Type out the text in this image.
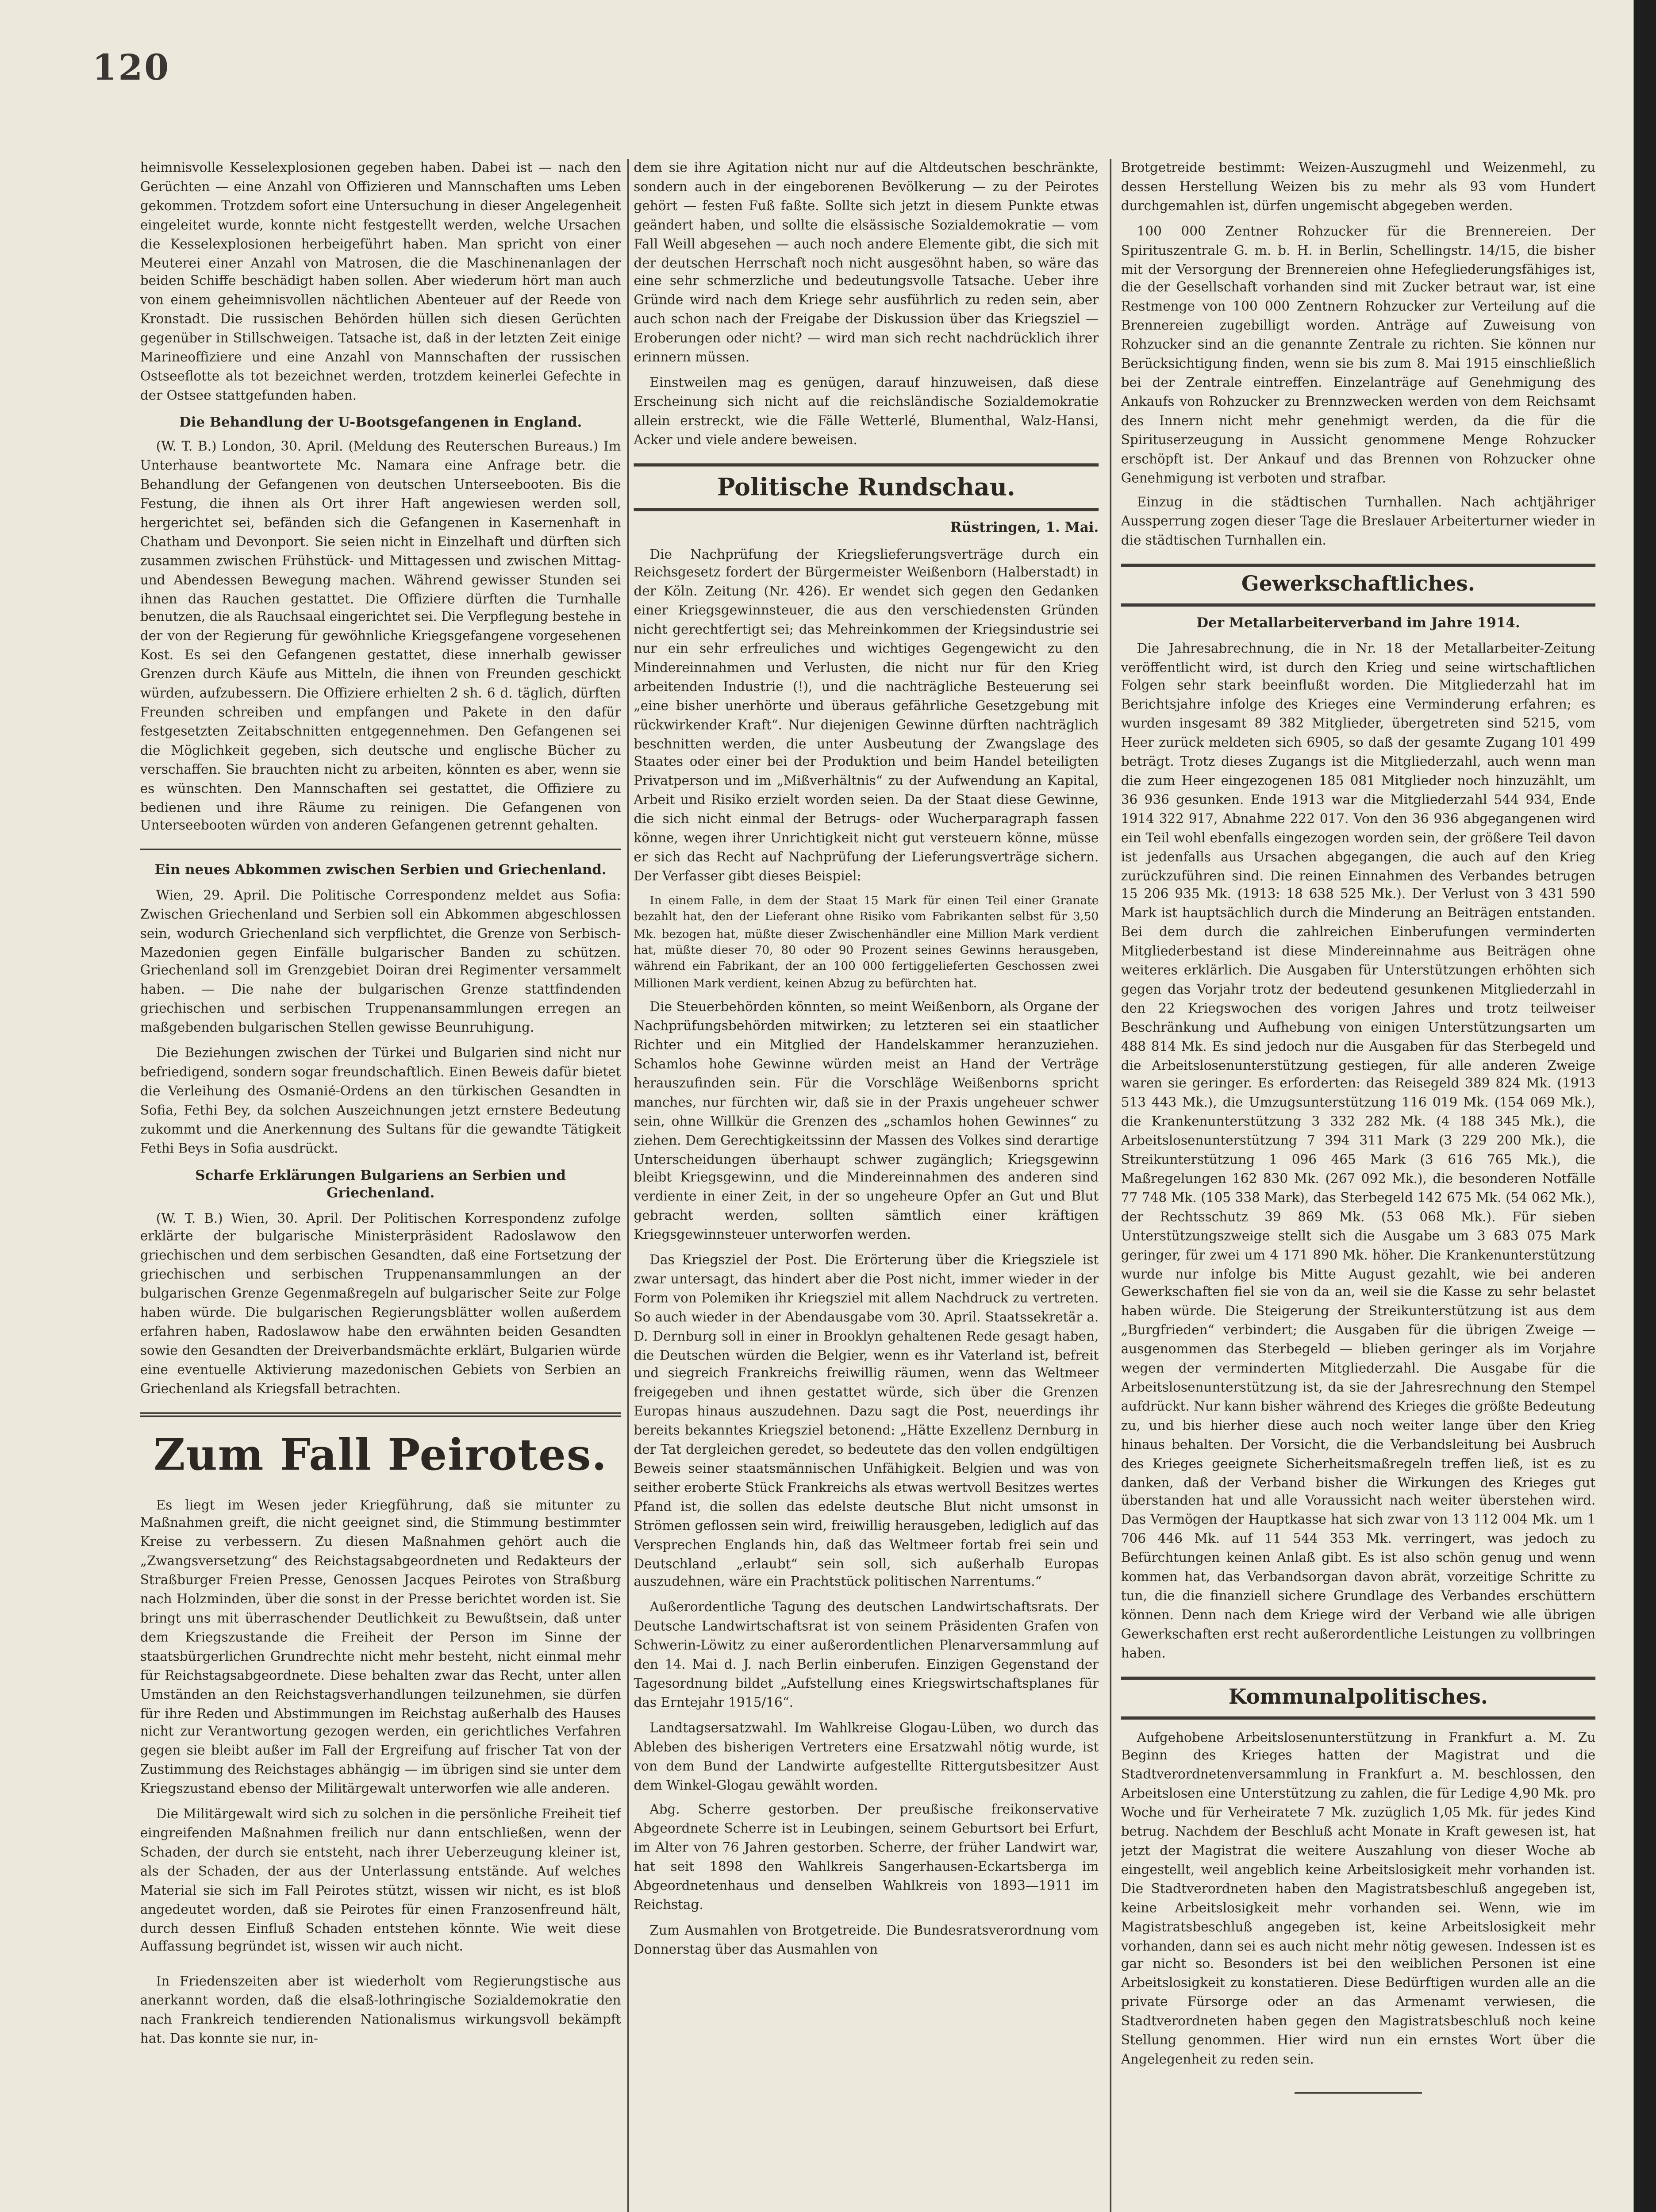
120

heimnisvolle Kesselexplosionen gegeben haben. Dabei ist — nach den Gerüchten — eine Anzahl von Offizieren und Mannschaften ums Leben gekommen. Trotzdem sofort eine Untersuchung in dieser Angelegenheit eingeleitet wurde, konnte nicht festgestellt werden, welche Ursachen die Kesselexplosionen herbeigeführt haben. Man spricht von einer Meuterei einer Anzahl von Matrosen, die die Maschinenanlagen der beiden Schiffe beschädigt haben sollen. Aber wiederum hört man auch von einem geheimnisvollen nächtlichen Abenteuer auf der Reede von Kronstadt. Die russischen Behörden hüllen sich diesen Gerüchten gegenüber in Stillschweigen. Tatsache ist, daß in der letzten Zeit einige Marineoffiziere und eine Anzahl von Mannschaften der russischen Ostseeflotte als tot bezeichnet werden, trotzdem keinerlei Gefechte in der Ostsee stattgefunden haben.

Die Behandlung der U-Bootsgefangenen in England.

(W. T. B.) London, 30. April. (Meldung des Reuterschen Bureaus.) Im Unterhause beantwortete Mc. Namara eine Anfrage betr. die Behandlung der Gefangenen von deutschen Unterseebooten. Bis die Festung, die ihnen als Ort ihrer Haft angewiesen werden soll, hergerichtet sei, befänden sich die Gefangenen in Kasernenhaft in Chatham und Devonport. Sie seien nicht in Einzelhaft und dürften sich zusammen zwischen Frühstück- und Mittagessen und zwischen Mittag- und Abendessen Bewegung machen. Während gewisser Stunden sei ihnen das Rauchen gestattet. Die Offiziere dürften die Turnhalle benutzen, die als Rauchsaal eingerichtet sei. Die Verpflegung bestehe in der von der Regierung für gewöhnliche Kriegsgefangene vorgesehenen Kost. Es sei den Gefangenen gestattet, diese innerhalb gewisser Grenzen durch Käufe aus Mitteln, die ihnen von Freunden geschickt würden, aufzubessern. Die Offiziere erhielten 2 sh. 6 d. täglich, dürften Freunden schreiben und empfangen und Pakete in den dafür festgesetzten Zeitabschnitten entgegennehmen. Den Gefangenen sei die Möglichkeit gegeben, sich deutsche und englische Bücher zu verschaffen. Sie brauchten nicht zu arbeiten, könnten es aber, wenn sie es wünschten. Den Mannschaften sei gestattet, die Offiziere zu bedienen und ihre Räume zu reinigen. Die Gefangenen von Unterseebooten würden von anderen Gefangenen getrennt gehalten.

Ein neues Abkommen zwischen Serbien und Griechenland.

Wien, 29. April. Die Politische Correspondenz meldet aus Sofia: Zwischen Griechenland und Serbien soll ein Abkommen abgeschlossen sein, wodurch Griechenland sich verpflichtet, die Grenze von Serbisch-Mazedonien gegen Einfälle bulgarischer Banden zu schützen. Griechenland soll im Grenzgebiet Doiran drei Regimenter versammelt haben. — Die nahe der bulgarischen Grenze stattfindenden griechischen und serbischen Truppenansammlungen erregen an maßgebenden bulgarischen Stellen gewisse Beunruhigung.

Die Beziehungen zwischen der Türkei und Bulgarien sind nicht nur befriedigend, sondern sogar freundschaftlich. Einen Beweis dafür bietet die Verleihung des Osmanié-Ordens an den türkischen Gesandten in Sofia, Fethi Bey, da solchen Auszeichnungen jetzt ernstere Bedeutung zukommt und die Anerkennung des Sultans für die gewandte Tätigkeit Fethi Beys in Sofia ausdrückt.

Scharfe Erklärungen Bulgariens an Serbien und Griechenland.

(W. T. B.) Wien, 30. April. Der Politischen Korrespondenz zufolge erklärte der bulgarische Ministerpräsident Radoslawow den griechischen und dem serbischen Gesandten, daß eine Fortsetzung der griechischen und serbischen Truppenansammlungen an der bulgarischen Grenze Gegenmaßregeln auf bulgarischer Seite zur Folge haben würde. Die bulgarischen Regierungsblätter wollen außerdem erfahren haben, Radoslawow habe den erwähnten beiden Gesandten sowie den Gesandten der Dreiverbandsmächte erklärt, Bulgarien würde eine eventuelle Aktivierung mazedonischen Gebiets von Serbien an Griechenland als Kriegsfall betrachten.

Zum Fall Peirotes.

Es liegt im Wesen jeder Kriegführung, daß sie mitunter zu Maßnahmen greift, die nicht geeignet sind, die Stimmung bestimmter Kreise zu verbessern. Zu diesen Maßnahmen gehört auch die „Zwangsversetzung“ des Reichstagsabgeordneten und Redakteurs der Straßburger Freien Presse, Genossen Jacques Peirotes von Straßburg nach Holzminden, über die sonst in der Presse berichtet worden ist. Sie bringt uns mit überraschender Deutlichkeit zu Bewußtsein, daß unter dem Kriegszustande die Freiheit der Person im Sinne der staatsbürgerlichen Grundrechte nicht mehr besteht, nicht einmal mehr für Reichstagsabgeordnete. Diese behalten zwar das Recht, unter allen Umständen an den Reichstagsverhandlungen teilzunehmen, sie dürfen für ihre Reden und Abstimmungen im Reichstag außerhalb des Hauses nicht zur Verantwortung gezogen werden, ein gerichtliches Verfahren gegen sie bleibt außer im Fall der Ergreifung auf frischer Tat von der Zustimmung des Reichstages abhängig — im übrigen sind sie unter dem Kriegszustand ebenso der Militärgewalt unterworfen wie alle anderen.

Die Militärgewalt wird sich zu solchen in die persönliche Freiheit tief eingreifenden Maßnahmen freilich nur dann entschließen, wenn der Schaden, der durch sie entsteht, nach ihrer Ueberzeugung kleiner ist, als der Schaden, der aus der Unterlassung entstände. Auf welches Material sie sich im Fall Peirotes stützt, wissen wir nicht, es ist bloß angedeutet worden, daß sie Peirotes für einen Franzosenfreund hält, durch dessen Einfluß Schaden entstehen könnte. Wie weit diese Auffassung begründet ist, wissen wir auch nicht.

In Friedenszeiten aber ist wiederholt vom Regierungstische aus anerkannt worden, daß die elsaß-lothringische Sozialdemokratie den nach Frankreich tendierenden Nationalismus wirkungsvoll bekämpft hat. Das konnte sie nur, in-

dem sie ihre Agitation nicht nur auf die Altdeutschen beschränkte, sondern auch in der eingeborenen Bevölkerung — zu der Peirotes gehört — festen Fuß faßte. Sollte sich jetzt in diesem Punkte etwas geändert haben, und sollte die elsässische Sozialdemokratie — vom Fall Weill abgesehen — auch noch andere Elemente gibt, die sich mit der deutschen Herrschaft noch nicht ausgesöhnt haben, so wäre das eine sehr schmerzliche und bedeutungsvolle Tatsache. Ueber ihre Gründe wird nach dem Kriege sehr ausführlich zu reden sein, aber auch schon nach der Freigabe der Diskussion über das Kriegsziel — Eroberungen oder nicht? — wird man sich recht nachdrücklich ihrer erinnern müssen.

Einstweilen mag es genügen, darauf hinzuweisen, daß diese Erscheinung sich nicht auf die reichsländische Sozialdemokratie allein erstreckt, wie die Fälle Wetterlé, Blumenthal, Walz-Hansi, Acker und viele andere beweisen.

Politische Rundschau.
Rüstringen, 1. Mai.

Die Nachprüfung der Kriegslieferungsverträge durch ein Reichsgesetz fordert der Bürgermeister Weißenborn (Halberstadt) in der Köln. Zeitung (Nr. 426). Er wendet sich gegen den Gedanken einer Kriegsgewinnsteuer, die aus den verschiedensten Gründen nicht gerechtfertigt sei; das Mehreinkommen der Kriegsindustrie sei nur ein sehr erfreuliches und wichtiges Gegengewicht zu den Mindereinnahmen und Verlusten, die nicht nur für den Krieg arbeitenden Industrie (!), und die nachträgliche Besteuerung sei „eine bisher unerhörte und überaus gefährliche Gesetzgebung mit rückwirkender Kraft“. Nur diejenigen Gewinne dürften nachträglich beschnitten werden, die unter Ausbeutung der Zwangslage des Staates oder einer bei der Produktion und beim Handel beteiligten Privatperson und im „Mißverhältnis“ zu der Aufwendung an Kapital, Arbeit und Risiko erzielt worden seien. Da der Staat diese Gewinne, die sich nicht einmal der Betrugs- oder Wucherparagraph fassen könne, wegen ihrer Unrichtigkeit nicht gut versteuern könne, müsse er sich das Recht auf Nachprüfung der Lieferungsverträge sichern. Der Verfasser gibt dieses Beispiel:

In einem Falle, in dem der Staat 15 Mark für einen Teil einer Granate bezahlt hat, den der Lieferant ohne Risiko vom Fabrikanten selbst für 3,50 Mk. bezogen hat, müßte dieser Zwischenhändler eine Million Mark verdient hat, müßte dieser 70, 80 oder 90 Prozent seines Gewinns herausgeben, während ein Fabrikant, der an 100 000 fertiggelieferten Geschossen zwei Millionen Mark verdient, keinen Abzug zu befürchten hat.

Die Steuerbehörden könnten, so meint Weißenborn, als Organe der Nachprüfungsbehörden mitwirken; zu letzteren sei ein staatlicher Richter und ein Mitglied der Handelskammer heranzuziehen. Schamlos hohe Gewinne würden meist an Hand der Verträge herauszufinden sein. Für die Vorschläge Weißenborns spricht manches, nur fürchten wir, daß sie in der Praxis ungeheuer schwer sein, ohne Willkür die Grenzen des „schamlos hohen Gewinnes“ zu ziehen. Dem Gerechtigkeitssinn der Massen des Volkes sind derartige Unterscheidungen überhaupt schwer zugänglich; Kriegsgewinn bleibt Kriegsgewinn, und die Mindereinnahmen des anderen sind verdiente in einer Zeit, in der so ungeheure Opfer an Gut und Blut gebracht werden, sollten sämtlich einer kräftigen Kriegsgewinnsteuer unterworfen werden.

Das Kriegsziel der Post. Die Erörterung über die Kriegsziele ist zwar untersagt, das hindert aber die Post nicht, immer wieder in der Form von Polemiken ihr Kriegsziel mit allem Nachdruck zu vertreten. So auch wieder in der Abendausgabe vom 30. April. Staatssekretär a. D. Dernburg soll in einer in Brooklyn gehaltenen Rede gesagt haben, die Deutschen würden die Belgier, wenn es ihr Vaterland ist, befreit und siegreich Frankreichs freiwillig räumen, wenn das Weltmeer freigegeben und ihnen gestattet würde, sich über die Grenzen Europas hinaus auszudehnen. Dazu sagt die Post, neuerdings ihr bereits bekanntes Kriegsziel betonend: „Hätte Exzellenz Dernburg in der Tat dergleichen geredet, so bedeutete das den vollen endgültigen Beweis seiner staatsmännischen Unfähigkeit. Belgien und was von seither eroberte Stück Frankreichs als etwas wertvoll Besitzes wertes Pfand ist, die sollen das edelste deutsche Blut nicht umsonst in Strömen geflossen sein wird, freiwillig herausgeben, lediglich auf das Versprechen Englands hin, daß das Weltmeer fortab frei sein und Deutschland „erlaubt“ sein soll, sich außerhalb Europas auszudehnen, wäre ein Prachtstück politischen Narrentums.“

Außerordentliche Tagung des deutschen Landwirtschaftsrats. Der Deutsche Landwirtschaftsrat ist von seinem Präsidenten Grafen von Schwerin-Löwitz zu einer außerordentlichen Plenarversammlung auf den 14. Mai d. J. nach Berlin einberufen. Einzigen Gegenstand der Tagesordnung bildet „Aufstellung eines Kriegswirtschaftsplanes für das Erntejahr 1915/16“.

Landtagsersatzwahl. Im Wahlkreise Glogau-Lüben, wo durch das Ableben des bisherigen Vertreters eine Ersatzwahl nötig wurde, ist von dem Bund der Landwirte aufgestellte Rittergutsbesitzer Aust dem Winkel-Glogau gewählt worden.

Abg. Scherre gestorben. Der preußische freikonservative Abgeordnete Scherre ist in Leubingen, seinem Geburtsort bei Erfurt, im Alter von 76 Jahren gestorben. Scherre, der früher Landwirt war, hat seit 1898 den Wahlkreis Sangerhausen-Eckartsberga im Abgeordnetenhaus und denselben Wahlkreis von 1893—1911 im Reichstag.

Zum Ausmahlen von Brotgetreide. Die Bundesratsverordnung vom Donnerstag über das Ausmahlen von

Brotgetreide bestimmt: Weizen-Auszugmehl und Weizenmehl, zu dessen Herstellung Weizen bis zu mehr als 93 vom Hundert durchgemahlen ist, dürfen ungemischt abgegeben werden.

100 000 Zentner Rohzucker für die Brennereien. Der Spirituszentrale G. m. b. H. in Berlin, Schellingstr. 14/15, die bisher mit der Versorgung der Brennereien ohne Hefegliederungsfähiges ist, die der Gesellschaft vorhanden sind mit Zucker betraut war, ist eine Restmenge von 100 000 Zentnern Rohzucker zur Verteilung auf die Brennereien zugebilligt worden. Anträge auf Zuweisung von Rohzucker sind an die genannte Zentrale zu richten. Sie können nur Berücksichtigung finden, wenn sie bis zum 8. Mai 1915 einschließlich bei der Zentrale eintreffen. Einzelanträge auf Genehmigung des Ankaufs von Rohzucker zu Brennzwecken werden von dem Reichsamt des Innern nicht mehr genehmigt werden, da die für die Spirituserzeugung in Aussicht genommene Menge Rohzucker erschöpft ist. Der Ankauf und das Brennen von Rohzucker ohne Genehmigung ist verboten und strafbar.

Einzug in die städtischen Turnhallen. Nach achtjähriger Aussperrung zogen dieser Tage die Breslauer Arbeiterturner wieder in die städtischen Turnhallen ein.

Gewerkschaftliches.
Der Metallarbeiterverband im Jahre 1914.

Die Jahresabrechnung, die in Nr. 18 der Metallarbeiter-Zeitung veröffentlicht wird, ist durch den Krieg und seine wirtschaftlichen Folgen sehr stark beeinflußt worden. Die Mitgliederzahl hat im Berichtsjahre infolge des Krieges eine Verminderung erfahren; es wurden insgesamt 89 382 Mitglieder, übergetreten sind 5215, vom Heer zurück meldeten sich 6905, so daß der gesamte Zugang 101 499 beträgt. Trotz dieses Zugangs ist die Mitgliederzahl, auch wenn man die zum Heer eingezogenen 185 081 Mitglieder noch hinzuzählt, um 36 936 gesunken. Ende 1913 war die Mitgliederzahl 544 934, Ende 1914 322 917, Abnahme 222 017. Von den 36 936 abgegangenen wird ein Teil wohl ebenfalls eingezogen worden sein, der größere Teil davon ist jedenfalls aus Ursachen abgegangen, die auch auf den Krieg zurückzuführen sind. Die reinen Einnahmen des Verbandes betrugen 15 206 935 Mk. (1913: 18 638 525 Mk.). Der Verlust von 3 431 590 Mark ist hauptsächlich durch die Minderung an Beiträgen entstanden. Bei dem durch die zahlreichen Einberufungen verminderten Mitgliederbestand ist diese Mindereinnahme aus Beiträgen ohne weiteres erklärlich. Die Ausgaben für Unterstützungen erhöhten sich gegen das Vorjahr trotz der bedeutend gesunkenen Mitgliederzahl in den 22 Kriegswochen des vorigen Jahres und trotz teilweiser Beschränkung und Aufhebung von einigen Unterstützungsarten um 488 814 Mk. Es sind jedoch nur die Ausgaben für das Sterbegeld und die Arbeitslosenunterstützung gestiegen, für alle anderen Zweige waren sie geringer. Es erforderten: das Reisegeld 389 824 Mk. (1913 513 443 Mk.), die Umzugsunterstützung 116 019 Mk. (154 069 Mk.), die Krankenunterstützung 3 332 282 Mk. (4 188 345 Mk.), die Arbeitslosenunterstützung 7 394 311 Mark (3 229 200 Mk.), die Streikunterstützung 1 096 465 Mark (3 616 765 Mk.), die Maßregelungen 162 830 Mk. (267 092 Mk.), die besonderen Notfälle 77 748 Mk. (105 338 Mark), das Sterbegeld 142 675 Mk. (54 062 Mk.), der Rechtsschutz 39 869 Mk. (53 068 Mk.). Für sieben Unterstützungszweige stellt sich die Ausgabe um 3 683 075 Mark geringer, für zwei um 4 171 890 Mk. höher. Die Krankenunterstützung wurde nur infolge bis Mitte August gezahlt, wie bei anderen Gewerkschaften fiel sie von da an, weil sie die Kasse zu sehr belastet haben würde. Die Steigerung der Streikunterstützung ist aus dem „Burgfrieden“ verbindert; die Ausgaben für die übrigen Zweige — ausgenommen das Sterbegeld — blieben geringer als im Vorjahre wegen der verminderten Mitgliederzahl. Die Ausgabe für die Arbeitslosenunterstützung ist, da sie der Jahresrechnung den Stempel aufdrückt. Nur kann bisher während des Krieges die größte Bedeutung zu, und bis hierher diese auch noch weiter lange über den Krieg hinaus behalten. Der Vorsicht, die die Verbandsleitung bei Ausbruch des Krieges geeignete Sicherheitsmaßregeln treffen ließ, ist es zu danken, daß der Verband bisher die Wirkungen des Krieges gut überstanden hat und alle Voraussicht nach weiter überstehen wird. Das Vermögen der Hauptkasse hat sich zwar von 13 112 004 Mk. um 1 706 446 Mk. auf 11 544 353 Mk. verringert, was jedoch zu Befürchtungen keinen Anlaß gibt. Es ist also schön genug und wenn kommen hat, das Verbandsorgan davon abrät, vorzeitige Schritte zu tun, die die finanziell sichere Grundlage des Verbandes erschüttern können. Denn nach dem Kriege wird der Verband wie alle übrigen Gewerkschaften erst recht außerordentliche Leistungen zu vollbringen haben.

Kommunalpolitisches.

Aufgehobene Arbeitslosenunterstützung in Frankfurt a. M. Zu Beginn des Krieges hatten der Magistrat und die Stadtverordnetenversammlung in Frankfurt a. M. beschlossen, den Arbeitslosen eine Unterstützung zu zahlen, die für Ledige 4,90 Mk. pro Woche und für Verheiratete 7 Mk. zuzüglich 1,05 Mk. für jedes Kind betrug. Nachdem der Beschluß acht Monate in Kraft gewesen ist, hat jetzt der Magistrat die weitere Auszahlung von dieser Woche ab eingestellt, weil angeblich keine Arbeitslosigkeit mehr vorhanden ist. Die Stadtverordneten haben den Magistratsbeschluß angegeben ist, keine Arbeitslosigkeit mehr vorhanden sei. Wenn, wie im Magistratsbeschluß angegeben ist, keine Arbeitslosigkeit mehr vorhanden, dann sei es auch nicht mehr nötig gewesen. Indessen ist es gar nicht so. Besonders ist bei den weiblichen Personen ist eine Arbeitslosigkeit zu konstatieren. Diese Bedürftigen wurden alle an die private Fürsorge oder an das Armenamt verwiesen, die Stadtverordneten haben gegen den Magistratsbeschluß noch keine Stellung genommen. Hier wird nun ein ernstes Wort über die Angelegenheit zu reden sein.
